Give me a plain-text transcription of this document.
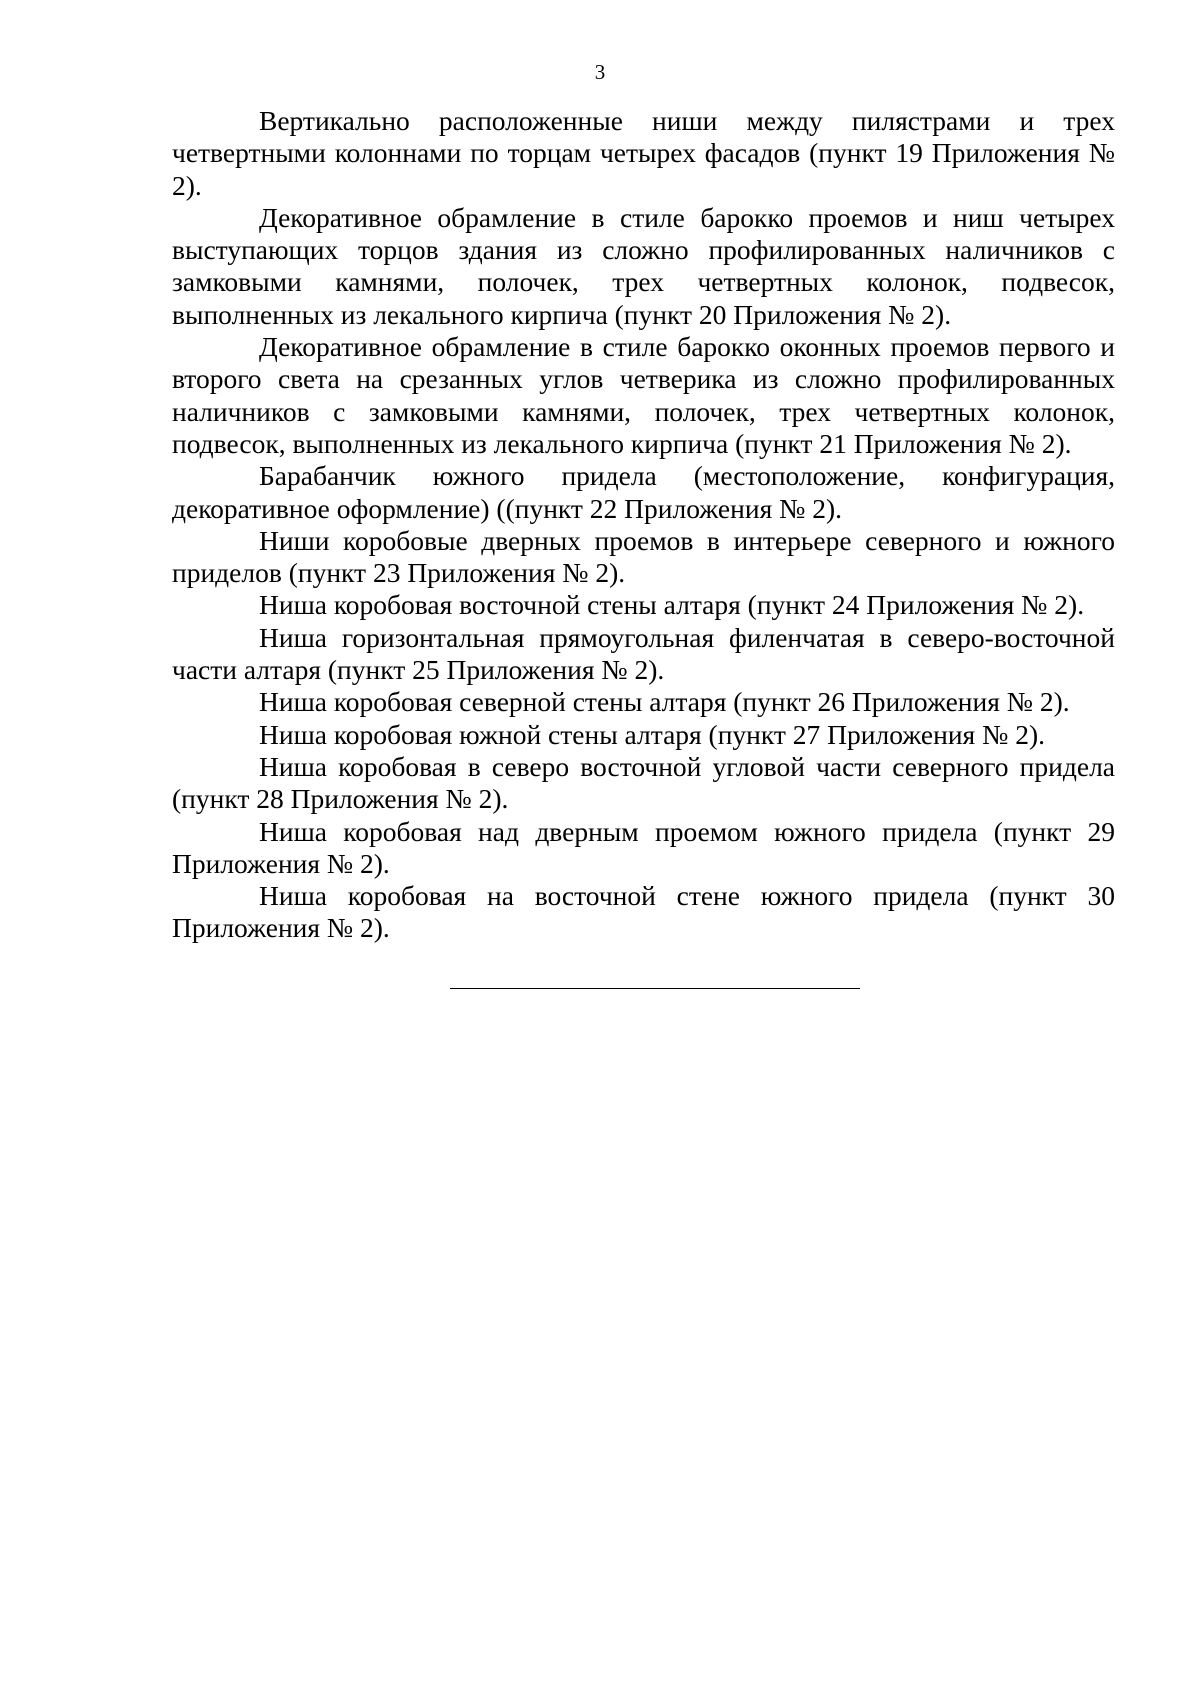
3

Вертикально расположенные ниши между пилястрами и трех четвертными колоннами по торцам четырех фасадов (пункт 19 Приложения № 2).

Декоративное обрамление в стиле барокко проемов и ниш четырех выступающих торцов здания из сложно профилированных наличников с замковыми камнями, полочек, трех четвертных колонок, подвесок, выполненных из лекального кирпича (пункт 20 Приложения № 2).

Декоративное обрамление в стиле барокко оконных проемов первого и второго света на срезанных углов четверика из сложно профилированных наличников с замковыми камнями, полочек, трех четвертных колонок, подвесок, выполненных из лекального кирпича (пункт 21 Приложения № 2).

Барабанчик южного придела (местоположение, конфигурация, декоративное оформление) ((пункт 22 Приложения № 2).

Ниши коробовые дверных проемов в интерьере северного и южного приделов (пункт 23 Приложения № 2).

Ниша коробовая восточной стены алтаря (пункт 24 Приложения № 2).

Ниша горизонтальная прямоугольная филенчатая в северо-восточной части алтаря (пункт 25 Приложения № 2).

Ниша коробовая северной стены алтаря (пункт 26 Приложения № 2).

Ниша коробовая южной стены алтаря (пункт 27 Приложения № 2).

Ниша коробовая в северо восточной угловой части северного придела (пункт 28 Приложения № 2).

Ниша коробовая над дверным проемом южного придела (пункт 29 Приложения № 2).

Ниша коробовая на восточной стене южного придела (пункт 30 Приложения № 2).
